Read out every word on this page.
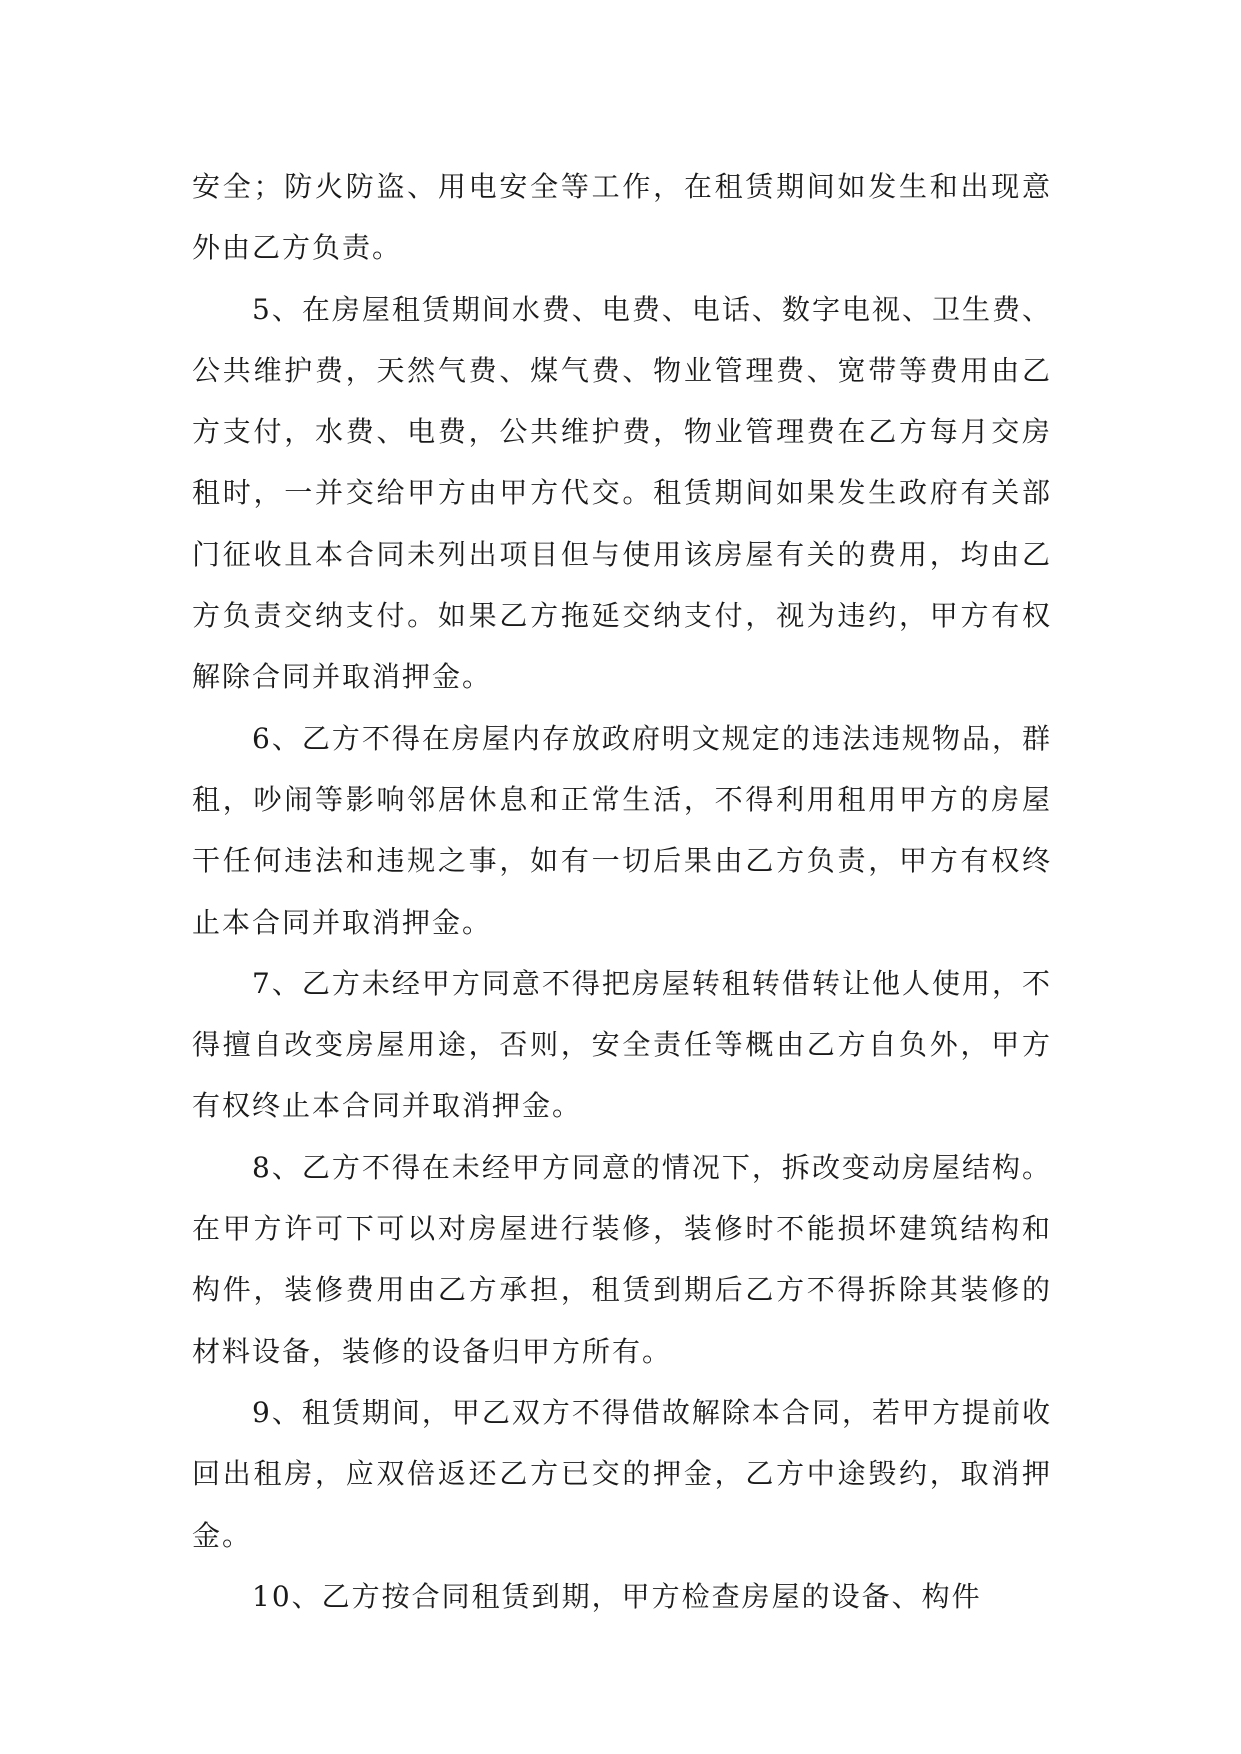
安全；防火防盗、用电安全等工作，在租赁期间如发生和出现意外由乙方负责。

5、在房屋租赁期间水费、电费、电话、数字电视、卫生费、公共维护费，天然气费、煤气费、物业管理费、宽带等费用由乙方支付，水费、电费，公共维护费，物业管理费在乙方每月交房租时，一并交给甲方由甲方代交。租赁期间如果发生政府有关部门征收且本合同未列出项目但与使用该房屋有关的费用，均由乙方负责交纳支付。如果乙方拖延交纳支付，视为违约，甲方有权解除合同并取消押金。

6、乙方不得在房屋内存放政府明文规定的违法违规物品，群租，吵闹等影响邻居休息和正常生活，不得利用租用甲方的房屋干任何违法和违规之事，如有一切后果由乙方负责，甲方有权终止本合同并取消押金。

7、乙方未经甲方同意不得把房屋转租转借转让他人使用，不得擅自改变房屋用途，否则，安全责任等概由乙方自负外，甲方有权终止本合同并取消押金。

8、乙方不得在未经甲方同意的情况下，拆改变动房屋结构。在甲方许可下可以对房屋进行装修，装修时不能损坏建筑结构和构件，装修费用由乙方承担，租赁到期后乙方不得拆除其装修的材料设备，装修的设备归甲方所有。

9、租赁期间，甲乙双方不得借故解除本合同，若甲方提前收回出租房，应双倍返还乙方已交的押金，乙方中途毁约，取消押金。

10、乙方按合同租赁到期，甲方检查房屋的设备、构件
